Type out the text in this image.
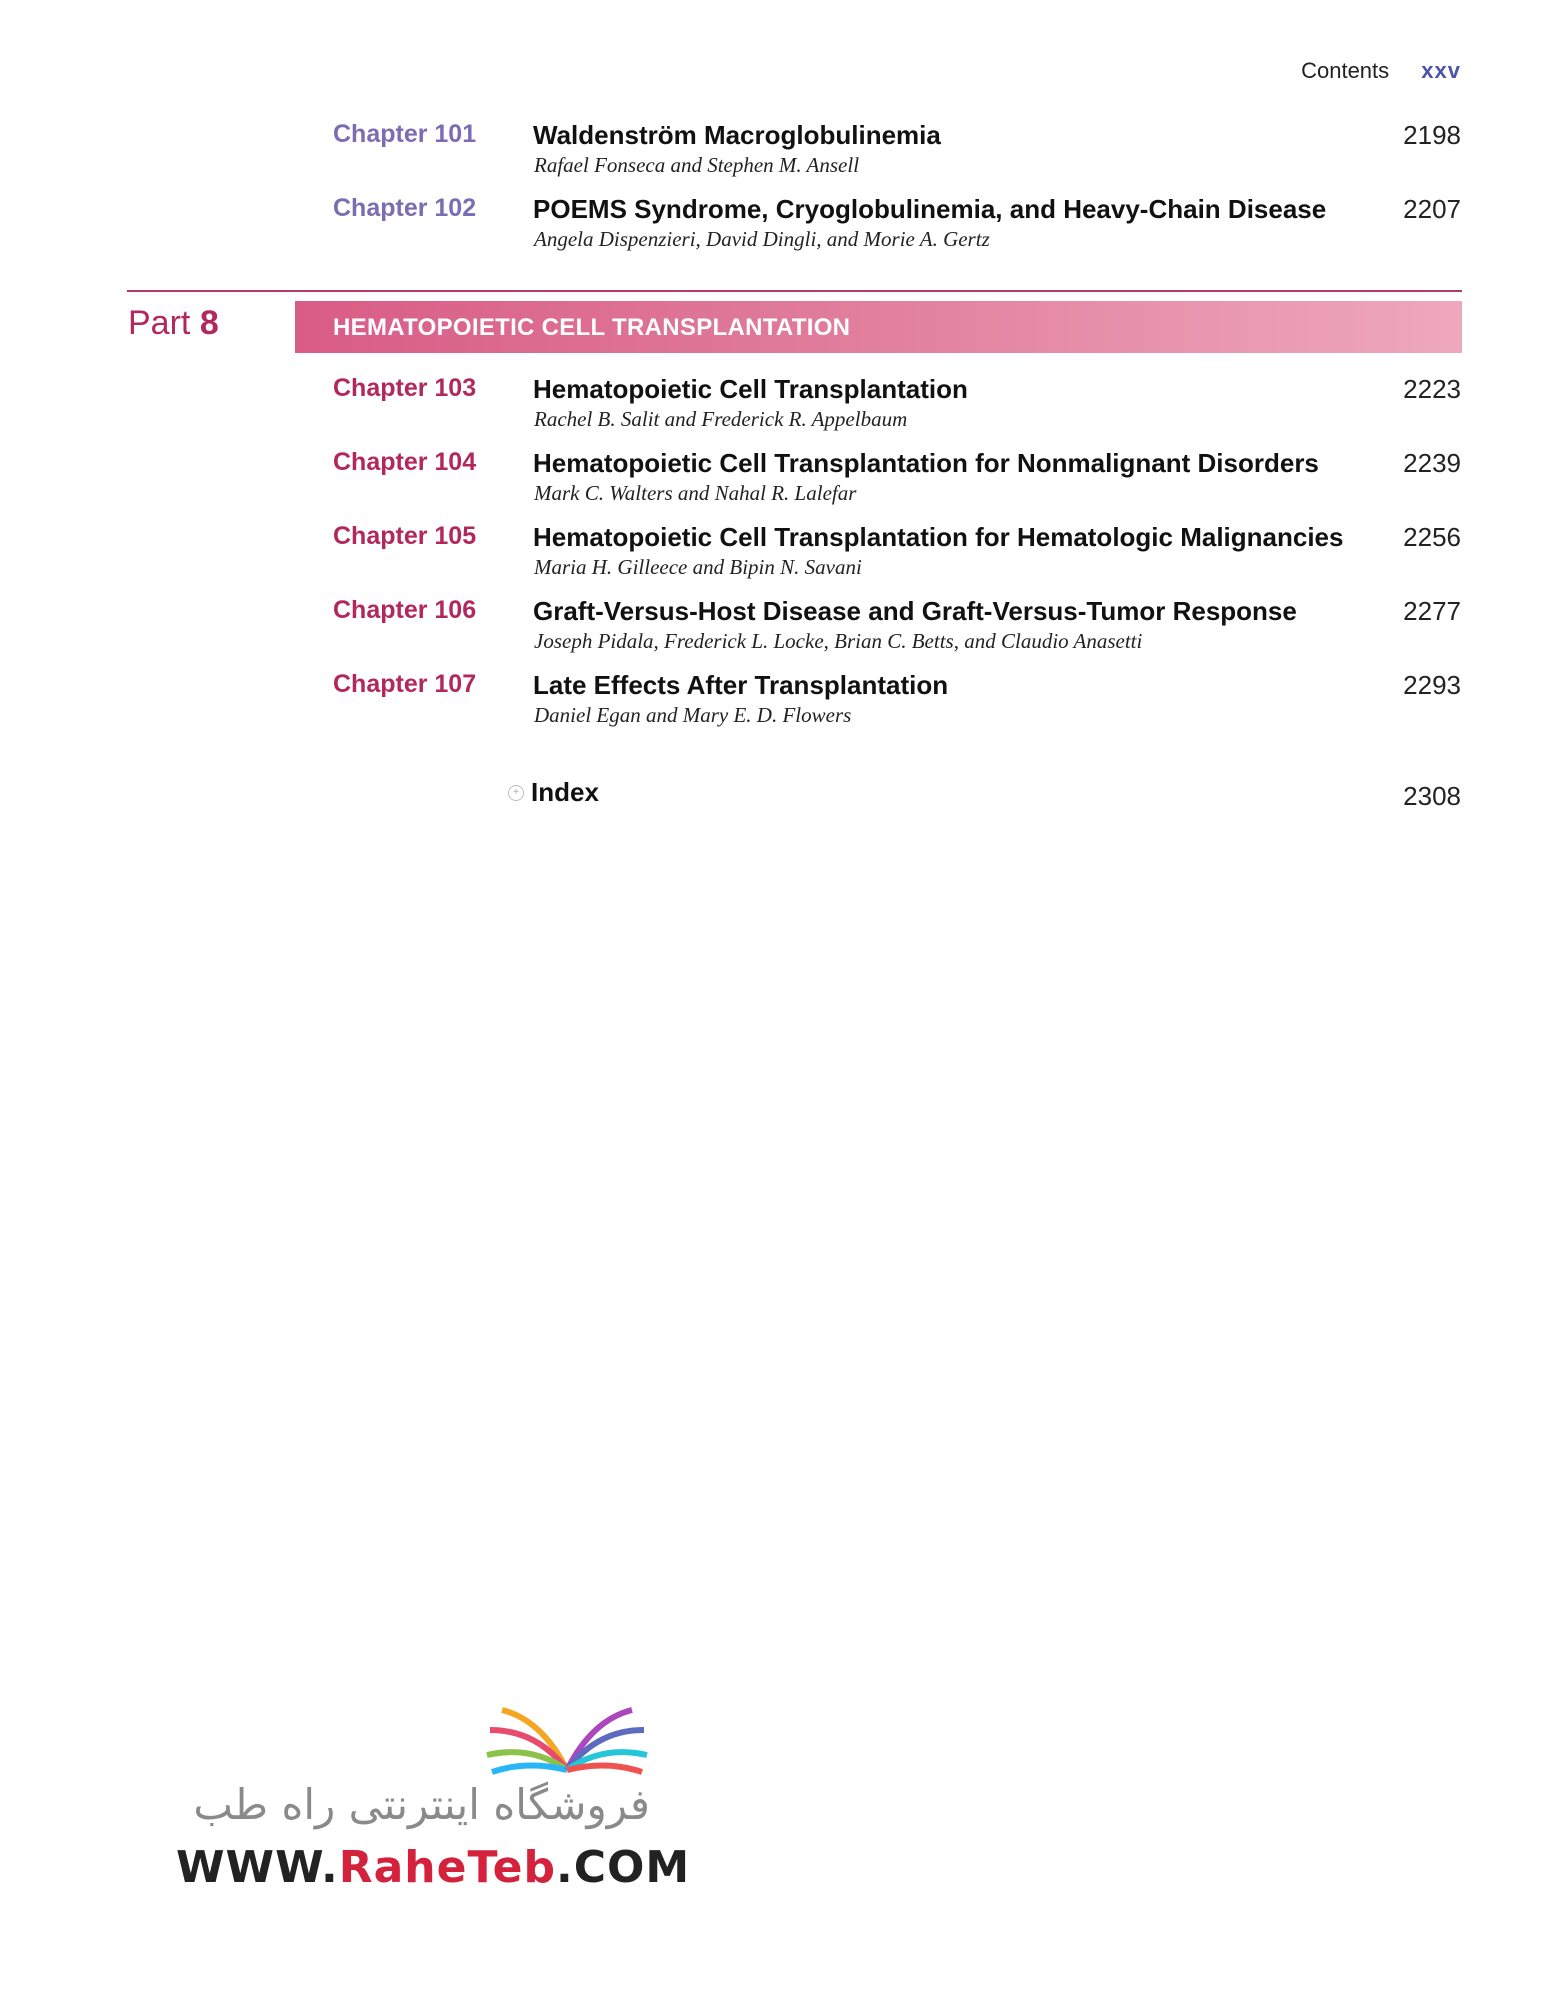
Contents xxv
Chapter 101 Waldenström Macroglobulinemia
Rafael Fonseca and Stephen M. Ansell
2198
Chapter 102 POEMS Syndrome, Cryoglobulinemia, and Heavy-Chain Disease
Angela Dispenzieri, David Dingli, and Morie A. Gertz
2207
Part 8	HEMATOPOIETIC CELL TRANSPLANTATION
Chapter 103 Hematopoietic Cell Transplantation
Rachel B. Salit and Frederick R. Appelbaum
2223
Chapter 104 Hematopoietic Cell Transplantation for Nonmalignant Disorders
Mark C. Walters and Nahal R. Lalefar
2239
Chapter 105 Hematopoietic Cell Transplantation for Hematologic Malignancies
Maria H. Gilleece and Bipin N. Savani
2256
Chapter 106 Graft-Versus-Host Disease and Graft-Versus-Tumor Response
Joseph Pidala, Frederick L. Locke, Brian C. Betts, and Claudio Anasetti
2277
Chapter 107 Late Effects After Transplantation
Daniel Egan and Mary E. D. Flowers
2293
+ Index	2308
فروشگاه اینترنتی راه طب
WWW.RaheTeb.COM
